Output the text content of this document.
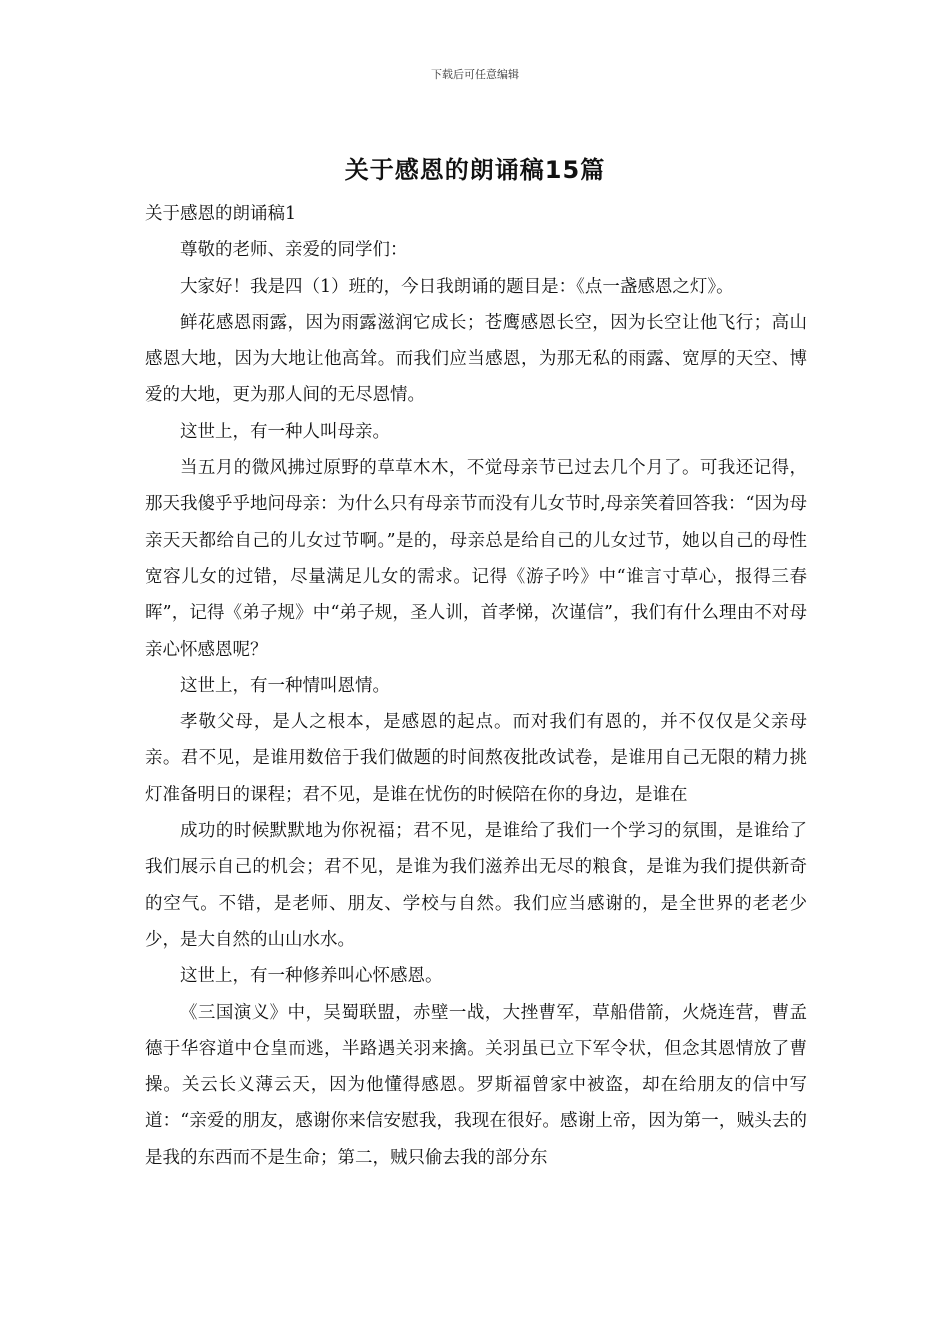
下载后可任意编辑
关于感恩的朗诵稿15篇

关于感恩的朗诵稿1

尊敬的老师、亲爱的同学们：

大家好！我是四（1）班的，今日我朗诵的题目是：《点一盏感恩之灯》。

鲜花感恩雨露，因为雨露滋润它成长；苍鹰感恩长空，因为长空让他飞行；高山感恩大地，因为大地让他高耸。而我们应当感恩，为那无私的雨露、宽厚的天空、博爱的大地，更为那人间的无尽恩情。

这世上，有一种人叫母亲。

当五月的微风拂过原野的草草木木，不觉母亲节已过去几个月了。可我还记得，那天我傻乎乎地问母亲：为什么只有母亲节而没有儿女节时,母亲笑着回答我：“因为母亲天天都给自己的儿女过节啊。”是的，母亲总是给自己的儿女过节，她以自己的母性宽容儿女的过错，尽量满足儿女的需求。记得《游子吟》中“谁言寸草心，报得三春晖”，记得《弟子规》中“弟子规，圣人训，首孝悌，次谨信”，我们有什么理由不对母亲心怀感恩呢？

这世上，有一种情叫恩情。

孝敬父母，是人之根本，是感恩的起点。而对我们有恩的，并不仅仅是父亲母亲。君不见，是谁用数倍于我们做题的时间熬夜批改试卷，是谁用自己无限的精力挑灯准备明日的课程；君不见，是谁在忧伤的时候陪在你的身边，是谁在

成功的时候默默地为你祝福；君不见，是谁给了我们一个学习的氛围，是谁给了我们展示自己的机会；君不见，是谁为我们滋养出无尽的粮食，是谁为我们提供新奇的空气。不错，是老师、朋友、学校与自然。我们应当感谢的，是全世界的老老少少，是大自然的山山水水。

这世上，有一种修养叫心怀感恩。

《三国演义》中，吴蜀联盟，赤壁一战，大挫曹军，草船借箭，火烧连营，曹孟德于华容道中仓皇而逃，半路遇关羽来擒。关羽虽已立下军令状，但念其恩情放了曹操。关云长义薄云天，因为他懂得感恩。罗斯福曾家中被盗，却在给朋友的信中写道：“亲爱的朋友，感谢你来信安慰我，我现在很好。感谢上帝，因为第一，贼头去的是我的东西而不是生命；第二，贼只偷去我的部分东
